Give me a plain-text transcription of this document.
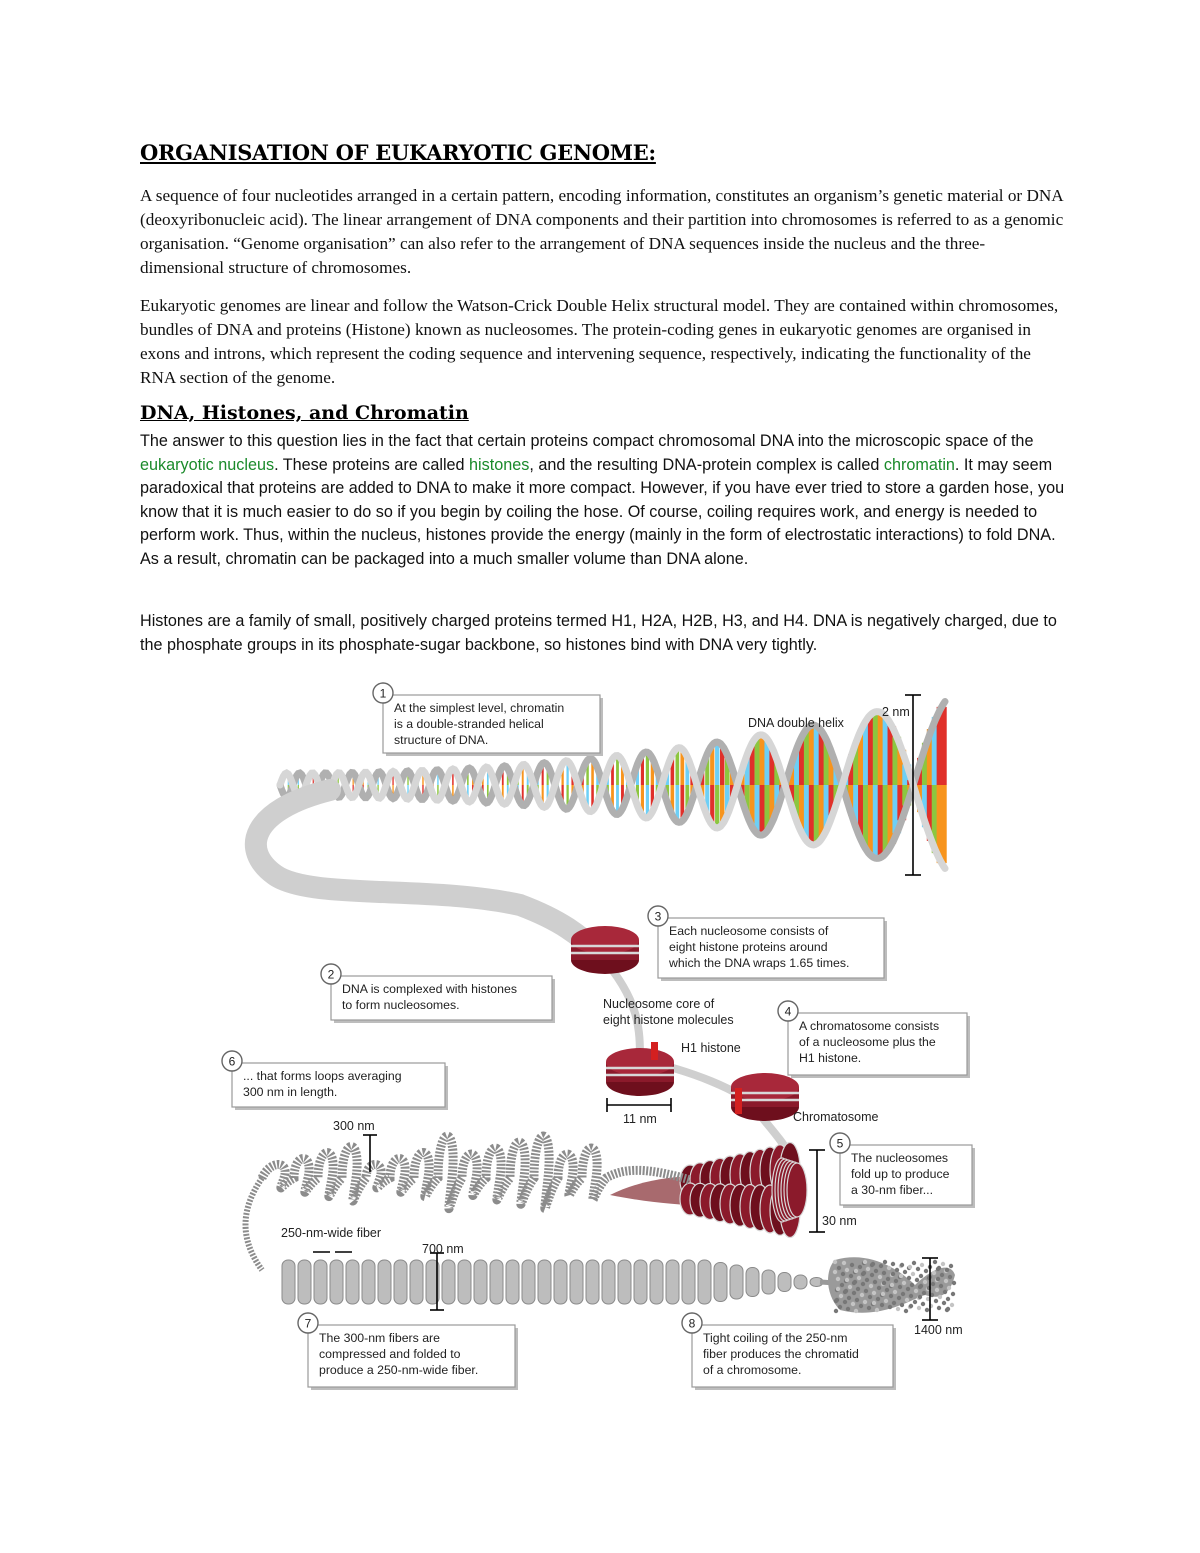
ORGANISATION OF EUKARYOTIC GENOME:

A sequence of four nucleotides arranged in a certain pattern, encoding information, constitutes an organism’s genetic material or DNA (deoxyribonucleic acid). The linear arrangement of DNA components and their partition into chromosomes is referred to as a genomic organisation. “Genome organisation” can also refer to the arrangement of DNA sequences inside the nucleus and the three-dimensional structure of chromosomes.

Eukaryotic genomes are linear and follow the Watson-Crick Double Helix structural model. They are contained within chromosomes, bundles of DNA and proteins (Histone) known as nucleosomes. The protein-coding genes in eukaryotic genomes are organised in exons and introns, which represent the coding sequence and intervening sequence, respectively, indicating the functionality of the RNA section of the genome.

DNA, Histones, and Chromatin

The answer to this question lies in the fact that certain proteins compact chromosomal DNA into the microscopic space of the eukaryotic nucleus. These proteins are called histones, and the resulting DNA-protein complex is called chromatin. It may seem paradoxical that proteins are added to DNA to make it more compact. However, if you have ever tried to store a garden hose, you know that it is much easier to do so if you begin by coiling the hose. Of course, coiling requires work, and energy is needed to perform work. Thus, within the nucleus, histones provide the energy (mainly in the form of electrostatic interactions) to fold DNA. As a result, chromatin can be packaged into a much smaller volume than DNA alone.

Histones are a family of small, positively charged proteins termed H1, H2A, H2B, H3, and H4. DNA is negatively charged, due to the phosphate groups in its phosphate-sugar backbone, so histones bind with DNA very tightly.

DNA double helix
2 nm
Nucleosome core of
eight histone molecules
H1 histone
11 nm	Chromatosome
300 nm
30 nm
250-nm-wide fiber
700 nm
1400 nm
1
At the simplest level, chromatin
is a double-stranded helical
structure of DNA.
2
DNA is complexed with histones
to form nucleosomes.
3
Each nucleosome consists of
eight histone proteins around
which the DNA wraps 1.65 times.
4
A chromatosome consists
of a nucleosome plus the
H1 histone.
5
The nucleosomes
fold up to produce
a 30-nm fiber...
6
... that forms loops averaging
300 nm in length.
7
The 300-nm fibers are
compressed and folded to
produce a 250-nm-wide fiber.
8
Tight coiling of the 250-nm
fiber produces the chromatid
of a chromosome.
